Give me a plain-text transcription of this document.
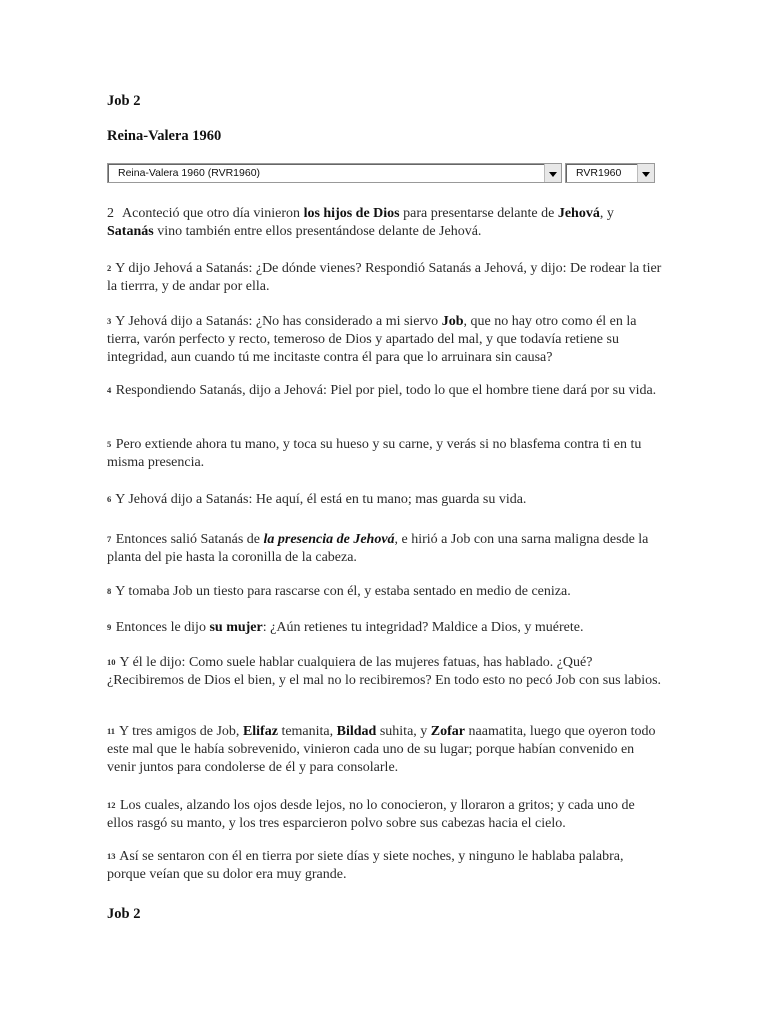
Job 2
Reina-Valera 1960
Reina-Valera 1960 (RVR1960)	RVR1960
2 Aconteció que otro día vinieron los hijos de Dios para presentarse delante de Jehová, y Satanás vino también entre ellos presentándose delante de Jehová.
$^2$ Y dijo Jehová a Satanás: ¿De dónde vienes? Respondió Satanás a Jehová, y dijo: De rodear la tier la tierrra, y de andar por ella.
$^3$ Y Jehová dijo a Satanás: ¿No has considerado a mi siervo Job, que no hay otro como él en la tierra, varón perfecto y recto, temeroso de Dios y apartado del mal, y que todavía retiene su integridad, aun cuando tú me incitaste contra él para que lo arruinara sin causa?
$^4$ Respondiendo Satanás, dijo a Jehová: Piel por piel, todo lo que el hombre tiene dará por su vida.
$^5$ Pero extiende ahora tu mano, y toca su hueso y su carne, y verás si no blasfema contra ti en tu misma presencia.
$^6$ Y Jehová dijo a Satanás: He aquí, él está en tu mano; mas guarda su vida.
$^7$ Entonces salió Satanás de la presencia de Jehová, e hirió a Job con una sarna maligna desde la planta del pie hasta la coronilla de la cabeza.
$^8$ Y tomaba Job un tiesto para rascarse con él, y estaba sentado en medio de ceniza.
$^9$ Entonces le dijo su mujer: ¿Aún retienes tu integridad? Maldice a Dios, y muérete.
$^{10}$ Y él le dijo: Como suele hablar cualquiera de las mujeres fatuas, has hablado. ¿Qué? ¿Recibiremos de Dios el bien, y el mal no lo recibiremos? En todo esto no pecó Job con sus labios.
$^{11}$ Y tres amigos de Job, Elifaz temanita, Bildad suhita, y Zofar naamatita, luego que oyeron todo este mal que le había sobrevenido, vinieron cada uno de su lugar; porque habían convenido en venir juntos para condolerse de él y para consolarle.
$^{12}$ Los cuales, alzando los ojos desde lejos, no lo conocieron, y lloraron a gritos; y cada uno de ellos rasgó su manto, y los tres esparcieron polvo sobre sus cabezas hacia el cielo.
$^{13}$ Así se sentaron con él en tierra por siete días y siete noches, y ninguno le hablaba palabra, porque veían que su dolor era muy grande.
Job 2
